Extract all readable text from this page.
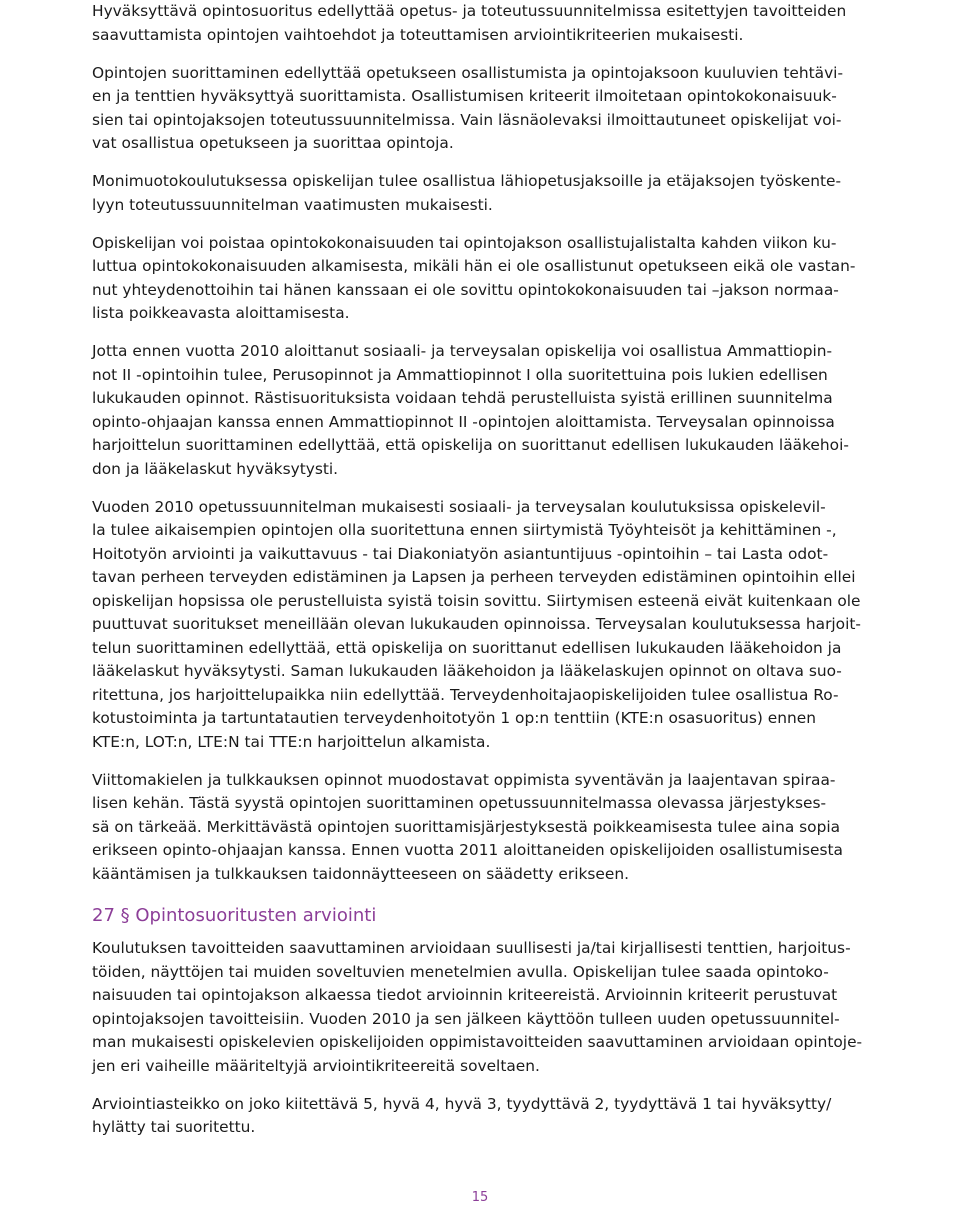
Hyväksyttävä opintosuoritus edellyttää opetus- ja toteutussuunnitelmissa esitettyjen tavoitteiden
saavuttamista opintojen vaihtoehdot ja toteuttamisen arviointikriteerien mukaisesti.
Opintojen suorittaminen edellyttää opetukseen osallistumista ja opintojaksoon kuuluvien tehtävi-
en ja tenttien hyväksyttyä suorittamista. Osallistumisen kriteerit ilmoitetaan opintokokonaisuuk-
sien tai opintojaksojen toteutussuunnitelmissa. Vain läsnäolevaksi ilmoittautuneet opiskelijat voi-
vat osallistua opetukseen ja suorittaa opintoja.
Monimuotokoulutuksessa opiskelijan tulee osallistua lähiopetusjaksoille ja etäjaksojen työskente-
lyyn toteutussuunnitelman vaatimusten mukaisesti.
Opiskelijan voi poistaa opintokokonaisuuden tai opintojakson osallistujalistalta kahden viikon ku-
luttua opintokokonaisuuden alkamisesta, mikäli hän ei ole osallistunut opetukseen eikä ole vastan-
nut yhteydenottoihin tai hänen kanssaan ei ole sovittu opintokokonaisuuden tai –jakson normaa-
lista poikkeavasta aloittamisesta.
Jotta ennen vuotta 2010 aloittanut sosiaali- ja terveysalan opiskelija voi osallistua Ammattiopin-
not II -opintoihin tulee, Perusopinnot ja Ammattiopinnot I olla suoritettuina pois lukien edellisen
lukukauden opinnot. Rästisuorituksista voidaan tehdä perustelluista syistä erillinen suunnitelma
opinto-ohjaajan kanssa ennen Ammattiopinnot II -opintojen aloittamista. Terveysalan opinnoissa
harjoittelun suorittaminen edellyttää, että opiskelija on suorittanut edellisen lukukauden lääkehoi-
don ja lääkelaskut hyväksytysti.
Vuoden 2010 opetussuunnitelman mukaisesti sosiaali- ja terveysalan koulutuksissa opiskelevil-
la tulee aikaisempien opintojen olla suoritettuna ennen siirtymistä Työyhteisöt ja kehittäminen -,
Hoitotyön arviointi ja vaikuttavuus - tai Diakoniatyön asiantuntijuus -opintoihin – tai Lasta odot-
tavan perheen terveyden edistäminen ja Lapsen ja perheen terveyden edistäminen opintoihin ellei
opiskelijan hopsissa ole perustelluista syistä toisin sovittu. Siirtymisen esteenä eivät kuitenkaan ole
puuttuvat suoritukset meneillään olevan lukukauden opinnoissa. Terveysalan koulutuksessa harjoit-
telun suorittaminen edellyttää, että opiskelija on suorittanut edellisen lukukauden lääkehoidon ja
lääkelaskut hyväksytysti. Saman lukukauden lääkehoidon ja lääkelaskujen opinnot on oltava suo-
ritettuna, jos harjoittelupaikka niin edellyttää. Terveydenhoitajaopiskelijoiden tulee osallistua Ro-
kotustoiminta ja tartuntatautien terveydenhoitotyön 1 op:n tenttiin (KTE:n osasuoritus) ennen
KTE:n, LOT:n, LTE:N tai TTE:n harjoittelun alkamista.
Viittomakielen ja tulkkauksen opinnot muodostavat oppimista syventävän ja laajentavan spiraa-
lisen kehän. Tästä syystä opintojen suorittaminen opetussuunnitelmassa olevassa järjestykses-
sä on tärkeää. Merkittävästä opintojen suorittamisjärjestyksestä poikkeamisesta tulee aina sopia
erikseen opinto-ohjaajan kanssa. Ennen vuotta 2011 aloittaneiden opiskelijoiden osallistumisesta
kääntämisen ja tulkkauksen taidonnäytteeseen on säädetty erikseen.
27 § Opintosuoritusten arviointi
Koulutuksen tavoitteiden saavuttaminen arvioidaan suullisesti ja/tai kirjallisesti tenttien, harjoitus-
töiden, näyttöjen tai muiden soveltuvien menetelmien avulla. Opiskelijan tulee saada opintoko-
naisuuden tai opintojakson alkaessa tiedot arvioinnin kriteereistä. Arvioinnin kriteerit perustuvat
opintojaksojen tavoitteisiin. Vuoden 2010 ja sen jälkeen käyttöön tulleen uuden opetussuunnitel-
man mukaisesti opiskelevien opiskelijoiden oppimistavoitteiden saavuttaminen arvioidaan opintoje-
jen eri vaiheille määriteltyjä arviointikriteereitä soveltaen.
Arviointiasteikko on joko kiitettävä 5, hyvä 4, hyvä 3, tyydyttävä 2, tyydyttävä 1 tai hyväksytty/
hylätty tai suoritettu.
15
